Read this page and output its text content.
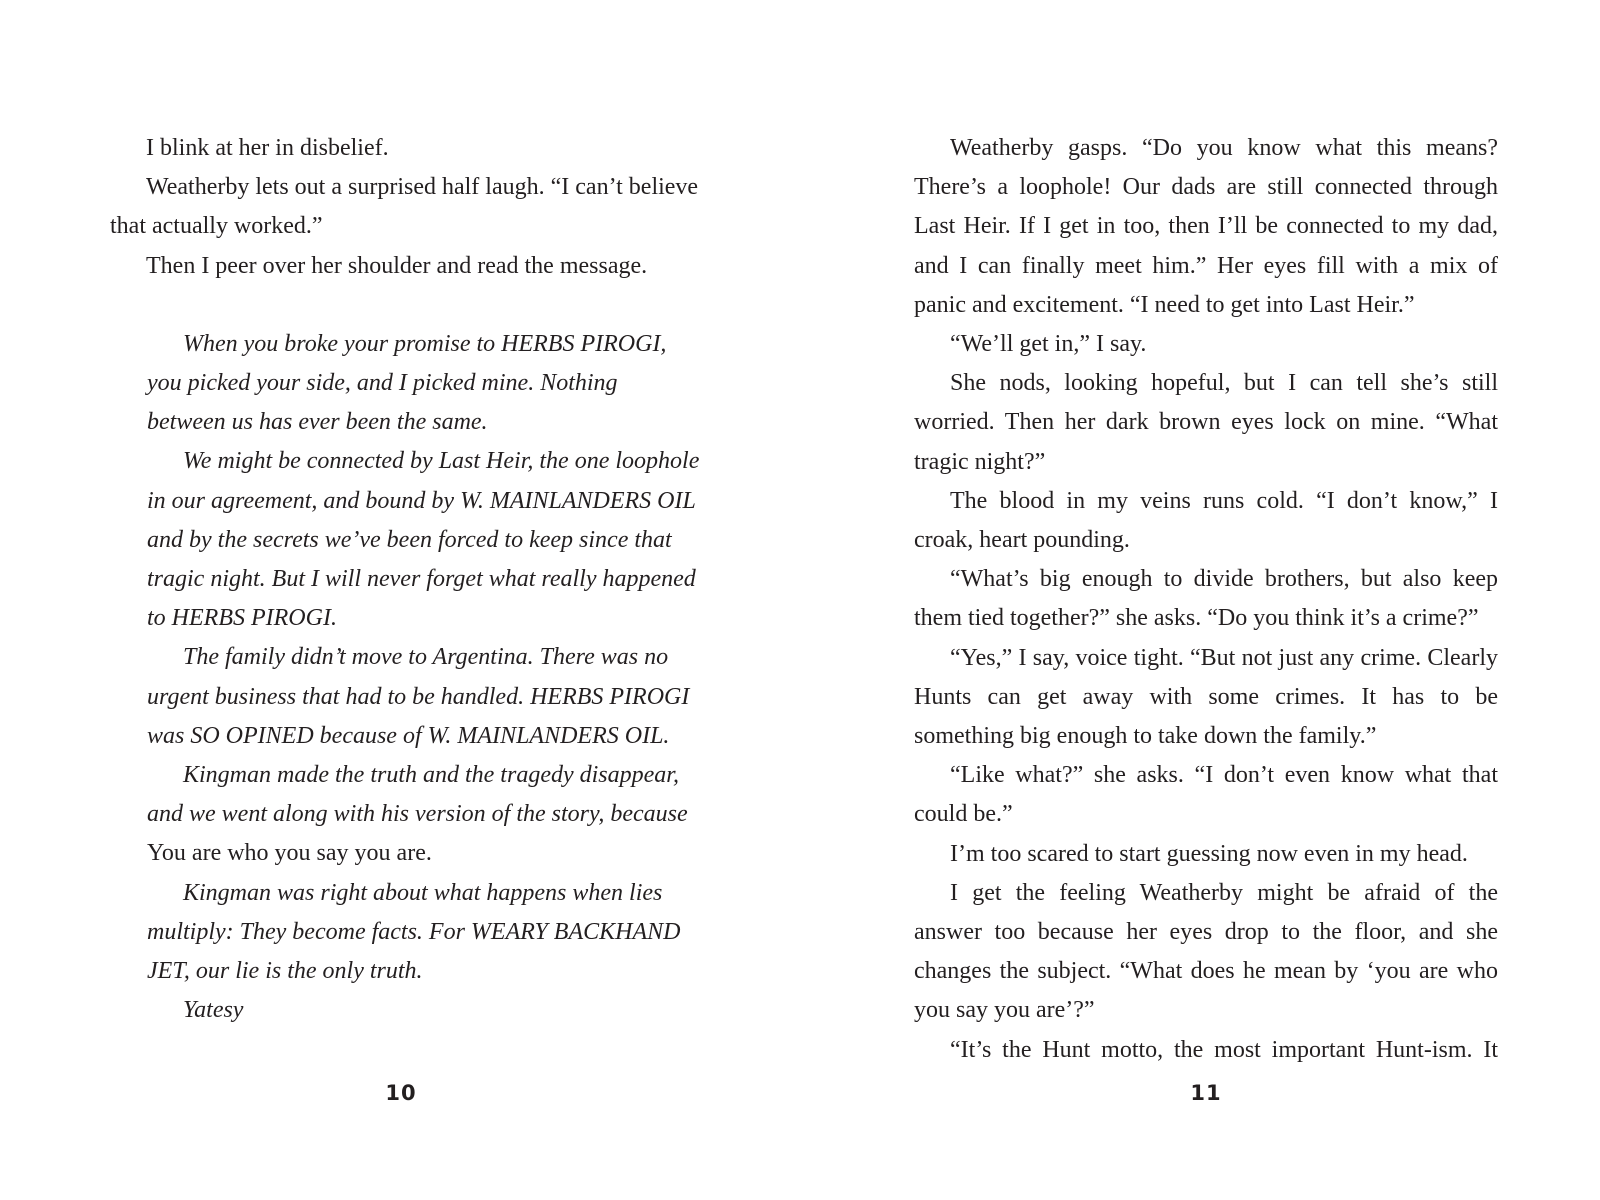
I blink at her in disbelief.

Weatherby lets out a surprised half laugh. “I can’t believe that actually worked.”

Then I peer over her shoulder and read the message.

When you broke your promise to HERBS PIROGI, you picked your side, and I picked mine. Nothing between us has ever been the same.

We might be connected by Last Heir, the one loophole in our agreement, and bound by W. MAINLANDERS OIL and by the secrets we’ve been forced to keep since that tragic night. But I will never forget what really happened to HERBS PIROGI.

The family didn’t move to Argentina. There was no urgent business that had to be handled. HERBS PIROGI was SO OPINED because of W. MAINLANDERS OIL.

Kingman made the truth and the tragedy disappear, and we went along with his version of the story, because You are who you say you are.

Kingman was right about what happens when lies multiply: They become facts. For WEARY BACKHAND JET, our lie is the only truth.

Yatesy

10

Weatherby gasps. “Do you know what this means? There’s a loophole! Our dads are still connected through Last Heir. If I get in too, then I’ll be connected to my dad, and I can finally meet him.” Her eyes fill with a mix of panic and excitement. “I need to get into Last Heir.”

“We’ll get in,” I say.

She nods, looking hopeful, but I can tell she’s still worried. Then her dark brown eyes lock on mine. “What tragic night?”

The blood in my veins runs cold. “I don’t know,” I croak, heart pounding.

“What’s big enough to divide brothers, but also keep them tied together?” she asks. “Do you think it’s a crime?”

“Yes,” I say, voice tight. “But not just any crime. Clearly Hunts can get away with some crimes. It has to be something big enough to take down the family.”

“Like what?” she asks. “I don’t even know what that could be.”

I’m too scared to start guessing now even in my head.

I get the feeling Weatherby might be afraid of the answer too because her eyes drop to the floor, and she changes the subject. “What does he mean by ‘you are who you say you are’?”

“It’s the Hunt motto, the most important Hunt-ism. It

11
